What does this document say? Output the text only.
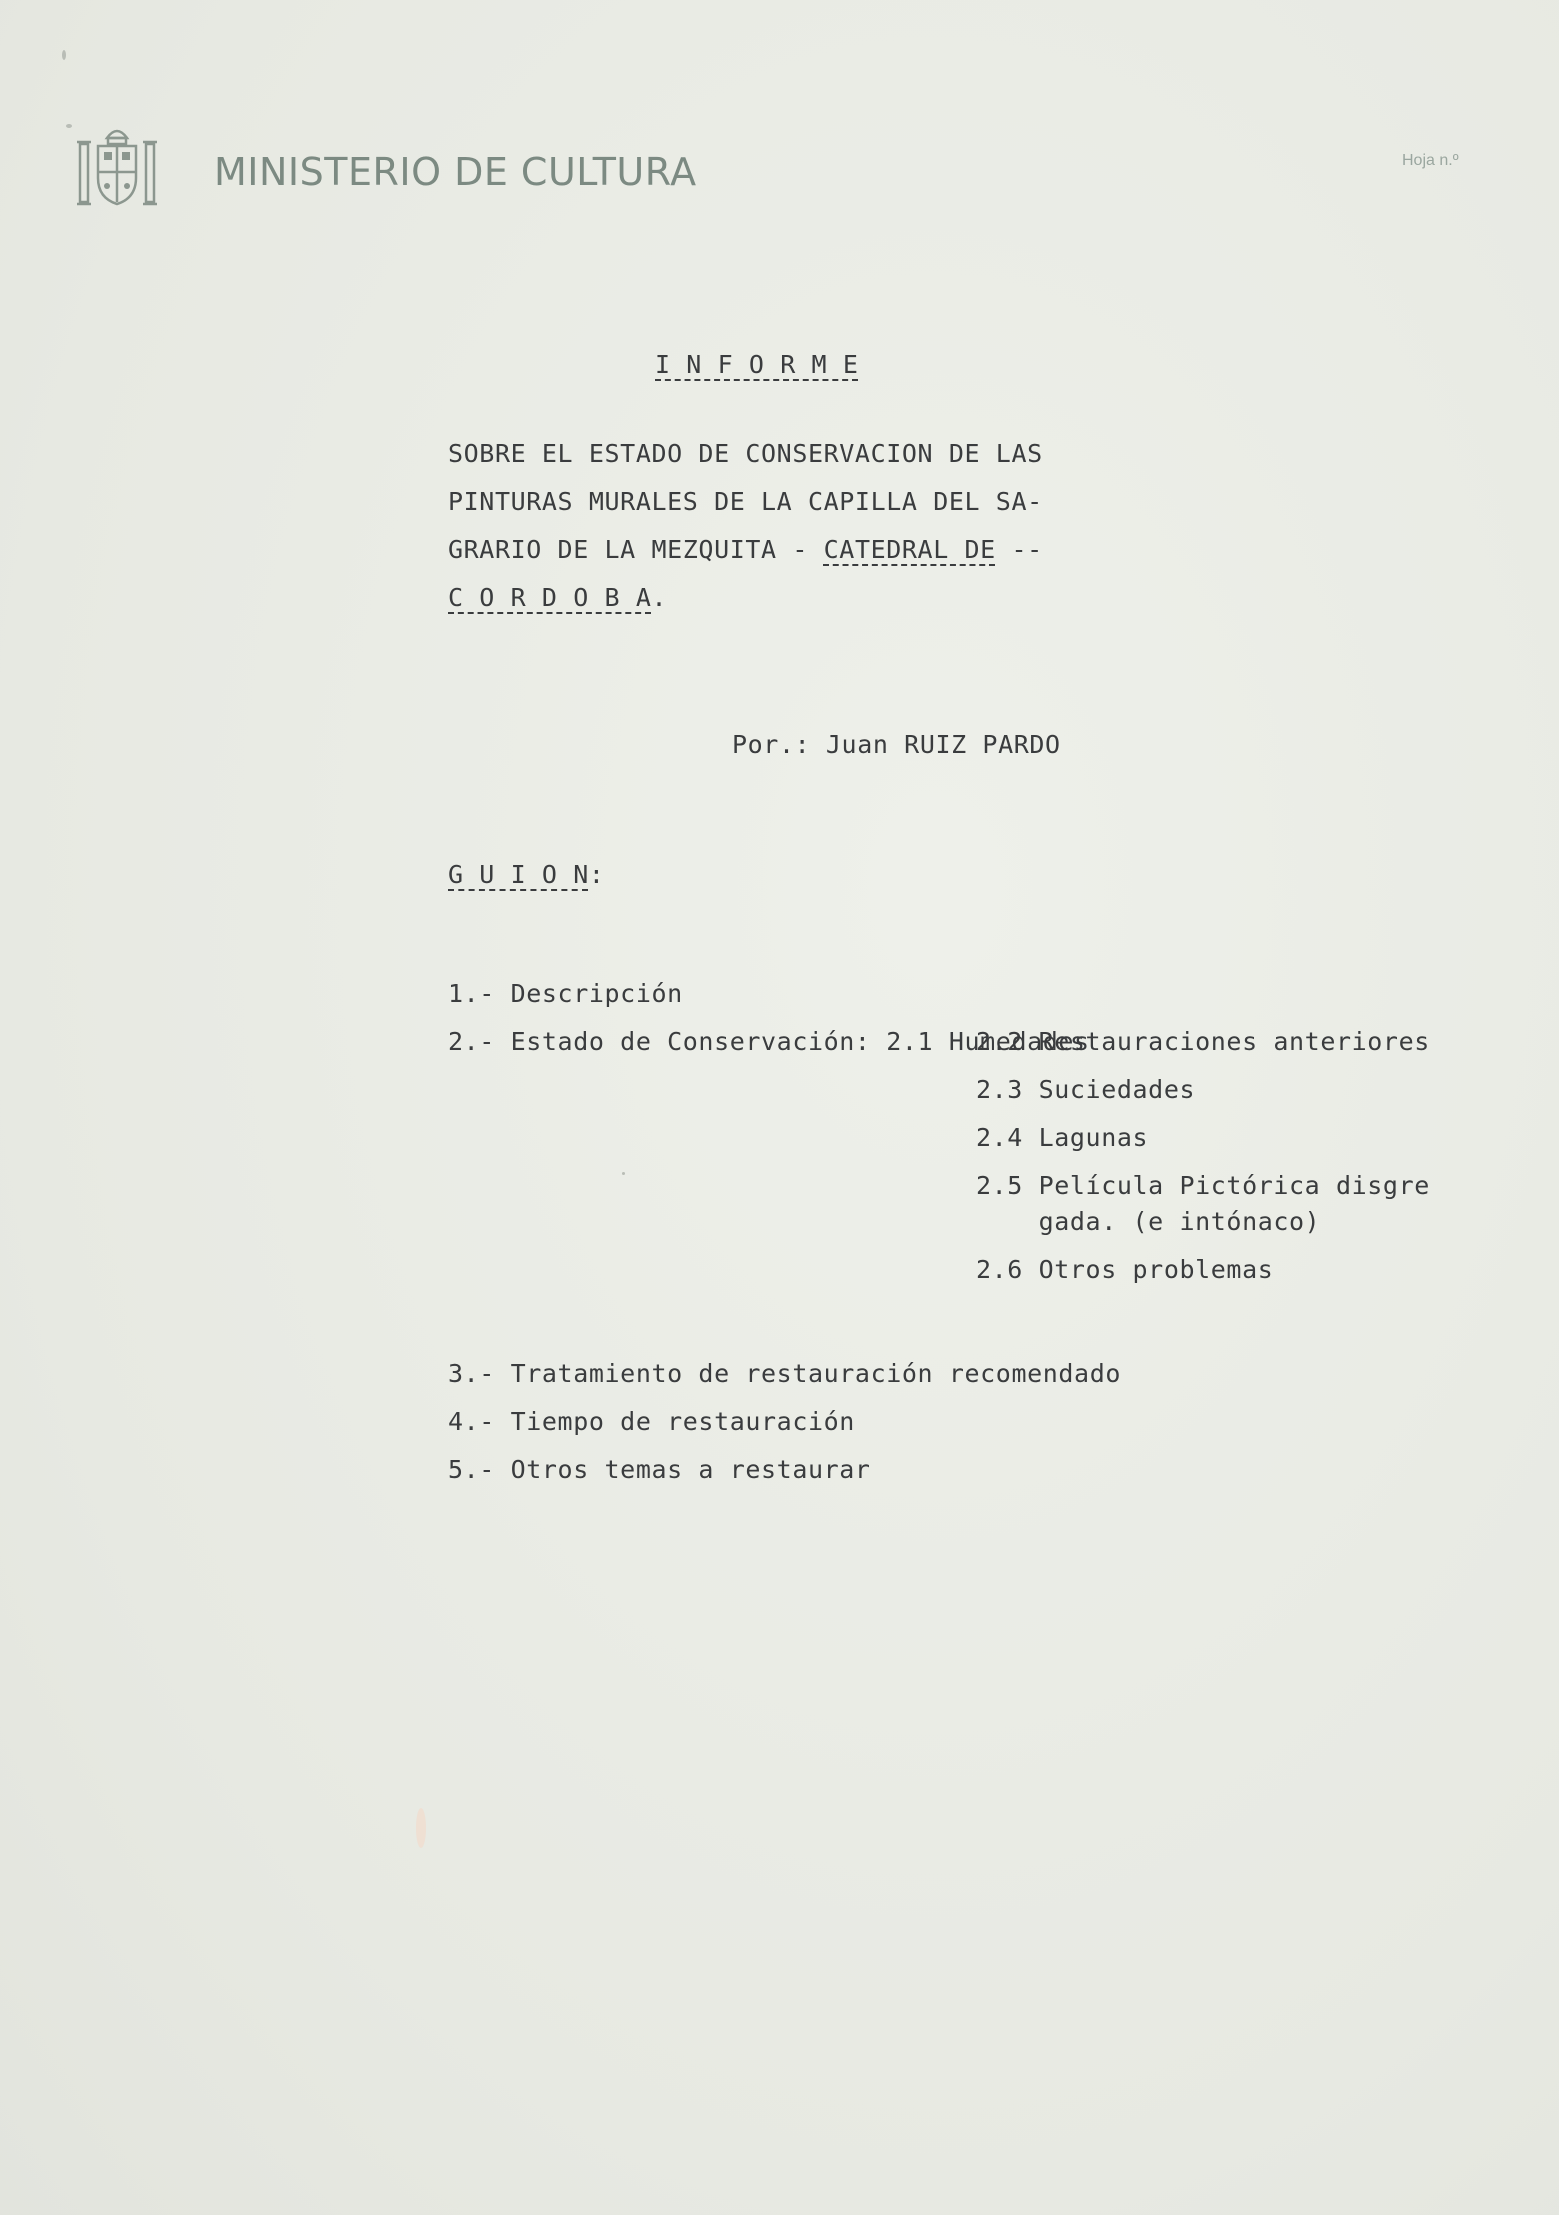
MINISTERIO DE CULTURA	Hoja n.º
I N F O R M E
SOBRE EL ESTADO DE CONSERVACION DE LAS
PINTURAS MURALES DE LA CAPILLA DEL SA-
GRARIO DE LA MEZQUITA - CATEDRAL DE --
C O R D O B A.
Por.: Juan RUIZ PARDO
G U I O N:
1.- Descripción
2.- Estado de Conservación: 2.1 Humedades
2.2 Restauraciones anteriores
2.3 Suciedades
2.4 Lagunas
2.5 Película Pictórica disgre

gada. (e intónaco)
2.6 Otros problemas
3.- Tratamiento de restauración recomendado
4.- Tiempo de restauración
5.- Otros temas a restaurar
